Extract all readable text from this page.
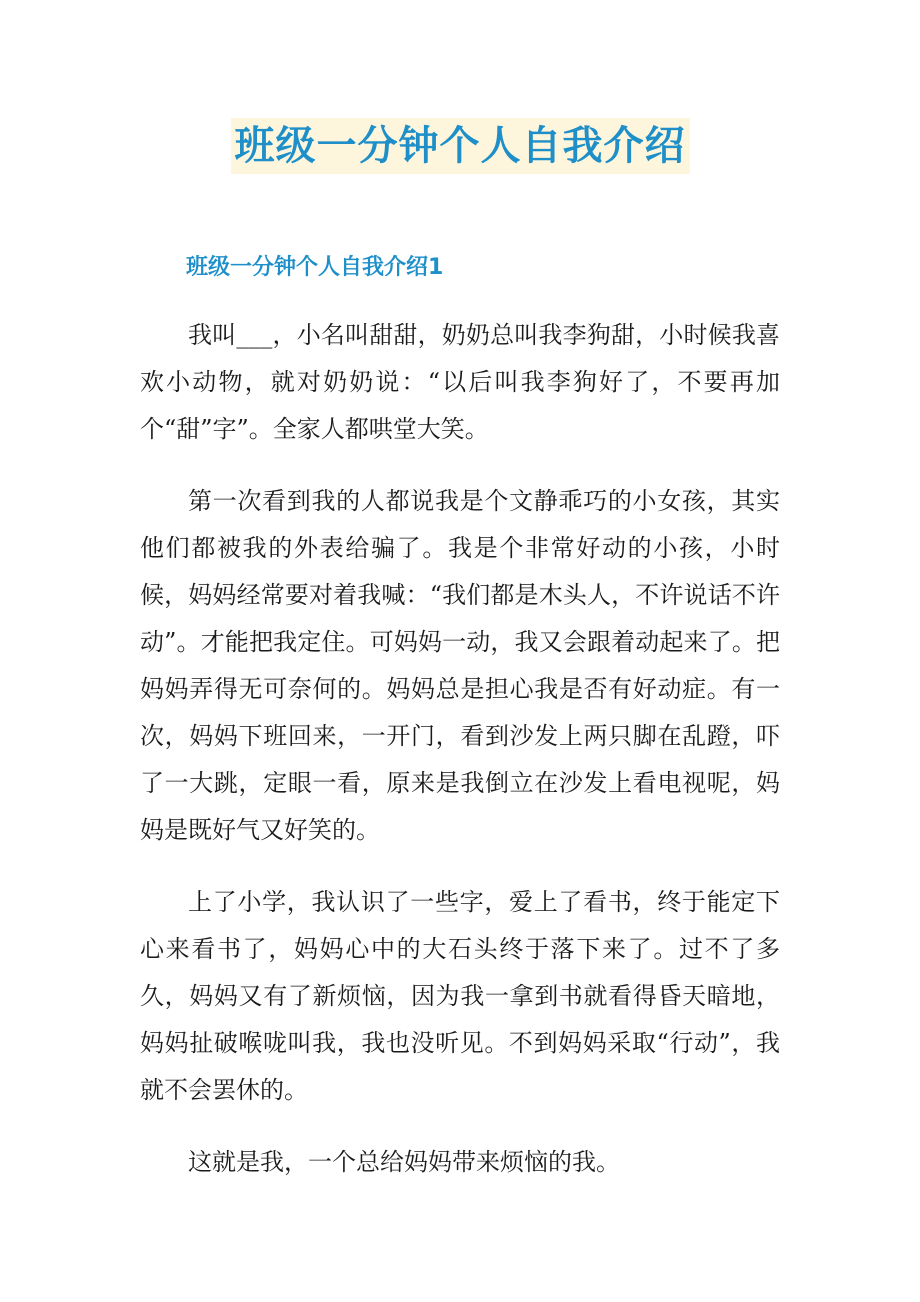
班级一分钟个人自我介绍
班级一分钟个人自我介绍1

我叫___，小名叫甜甜，奶奶总叫我李狗甜，小时候我喜欢小动物，就对奶奶说：“以后叫我李狗好了，不要再加个“甜”字”。全家人都哄堂大笑。

第一次看到我的人都说我是个文静乖巧的小女孩，其实他们都被我的外表给骗了。我是个非常好动的小孩，小时候，妈妈经常要对着我喊：“我们都是木头人，不许说话不许动”。才能把我定住。可妈妈一动，我又会跟着动起来了。把妈妈弄得无可奈何的。妈妈总是担心我是否有好动症。有一次，妈妈下班回来，一开门，看到沙发上两只脚在乱蹬，吓了一大跳，定眼一看，原来是我倒立在沙发上看电视呢，妈妈是既好气又好笑的。

上了小学，我认识了一些字，爱上了看书，终于能定下心来看书了，妈妈心中的大石头终于落下来了。过不了多久，妈妈又有了新烦恼，因为我一拿到书就看得昏天暗地，妈妈扯破喉咙叫我，我也没听见。不到妈妈采取“行动”，我就不会罢休的。

这就是我，一个总给妈妈带来烦恼的我。
